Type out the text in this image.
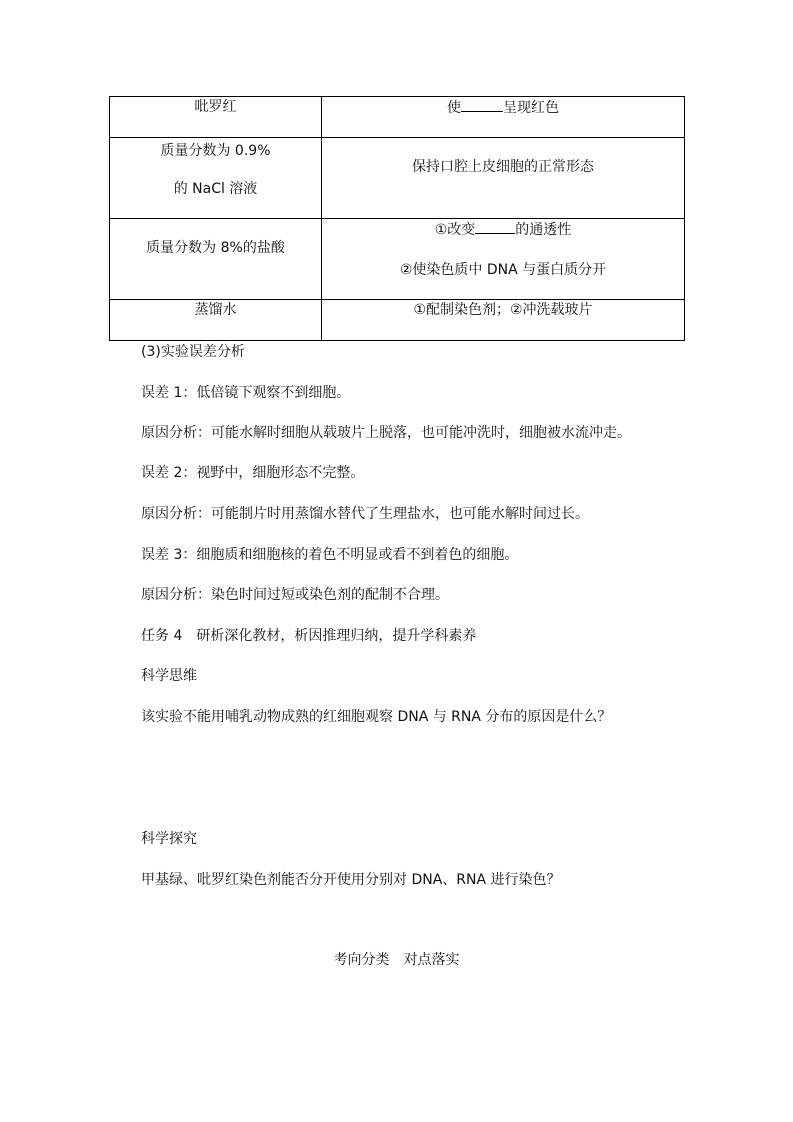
吡罗红	使 呈现红色

质量分数为 0.9%
的 NaCl 溶液	保持口腔上皮细胞的正常形态

质量分数为 8%的盐酸	①改变 的通透性
②使染色质中 DNA 与蛋白质分开

蒸馏水	①配制染色剂；②冲洗载玻片
(3)实验误差分析
误差 1：低倍镜下观察不到细胞。
原因分析：可能水解时细胞从载玻片上脱落，也可能冲洗时，细胞被水流冲走。
误差 2：视野中，细胞形态不完整。
原因分析：可能制片时用蒸馏水替代了生理盐水，也可能水解时间过长。
误差 3：细胞质和细胞核的着色不明显或看不到着色的细胞。
原因分析：染色时间过短或染色剂的配制不合理。
任务 4　研析深化教材，析因推理归纳，提升学科素养
科学思维
该实验不能用哺乳动物成熟的红细胞观察 DNA 与 RNA 分布的原因是什么？
科学探究
甲基绿、吡罗红染色剂能否分开使用分别对 DNA、RNA 进行染色？
考向分类　对点落实
